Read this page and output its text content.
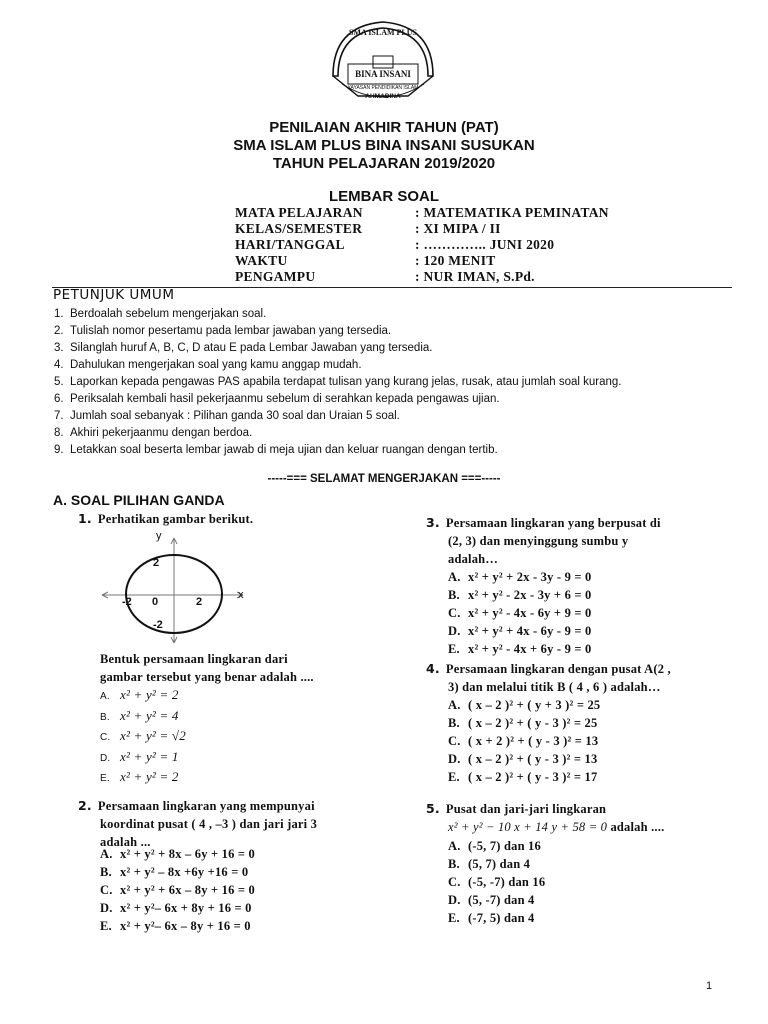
SMA ISLAM PLUS
BINA INSANI
YAYASAN PENDIDIKAN ISLAM
AHMADINA
PENILAIAN AKHIR TAHUN (PAT)
SMA ISLAM PLUS BINA INSANI SUSUKAN
TAHUN PELAJARAN 2019/2020
LEMBAR SOAL
MATA PELAJARAN	: MATEMATIKA PEMINATAN
KELAS/SEMESTER	: XI MIPA / II
HARI/TANGGAL	: ………….. JUNI 2020
WAKTU	: 120 MENIT
PENGAMPU	: NUR IMAN, S.Pd.
PETUNJUK UMUM
1. Berdoalah sebelum mengerjakan soal.
2. Tulislah nomor pesertamu pada lembar jawaban yang tersedia.
3. Silanglah huruf A, B, C, D atau E pada Lembar Jawaban yang tersedia.
4. Dahulukan mengerjakan soal yang kamu anggap mudah.
5. Laporkan kepada pengawas PAS apabila terdapat tulisan yang kurang jelas, rusak, atau jumlah soal kurang.
6. Periksalah kembali hasil pekerjaanmu sebelum di serahkan kepada pengawas ujian.
7. Jumlah soal sebanyak : Pilihan ganda 30 soal dan Uraian 5 soal.
8. Akhiri pekerjaanmu dengan berdoa.
9. Letakkan soal beserta lembar jawab di meja ujian dan keluar ruangan dengan tertib.
-----=== SELAMAT MENGERJAKAN ===-----
A. SOAL PILIHAN GANDA
1. Perhatikan gambar berikut.
y
x
2
-2
0	2
-2
Bentuk persamaan lingkaran dari
gambar tersebut yang benar adalah ....
A. x² + y² = 2
B. x² + y² = 4
C. x² + y² = √2
D. x² + y² = 1
E. x² + y² = 2
2. Persamaan lingkaran yang mempunyai
koordinat pusat ( 4 , –3 ) dan jari jari 3
adalah ...
A. x² + y² + 8x – 6y + 16 = 0
B. x² + y² – 8x +6y +16 = 0
C. x² + y² + 6x – 8y + 16 = 0
D. x² + y²– 6x + 8y + 16 = 0
E. x² + y²– 6x – 8y + 16 = 0
3. Persamaan lingkaran yang berpusat di
(2, 3) dan menyinggung sumbu y
adalah…
A. x² + y² + 2x - 3y - 9 = 0
B. x² + y² - 2x - 3y + 6 = 0
C. x² + y² - 4x - 6y + 9 = 0
D. x² + y² + 4x - 6y - 9 = 0
E. x² + y² - 4x + 6y - 9 = 0
4. Persamaan lingkaran dengan pusat A(2 ,
3) dan melalui titik B ( 4 , 6 ) adalah…
A. ( x – 2 )² + ( y + 3 )² = 25
B. ( x – 2 )² + ( y - 3 )² = 25
C. ( x + 2 )² + ( y - 3 )² = 13
D. ( x – 2 )² + ( y - 3 )² = 13
E. ( x – 2 )² + ( y - 3 )² = 17
5. Pusat dan jari-jari lingkaran
x² + y² − 10 x + 14 y + 58 = 0 adalah ....
A. (-5, 7) dan 16
B. (5, 7) dan 4
C. (-5, -7) dan 16
D. (5, -7) dan 4
E. (-7, 5) dan 4
1
